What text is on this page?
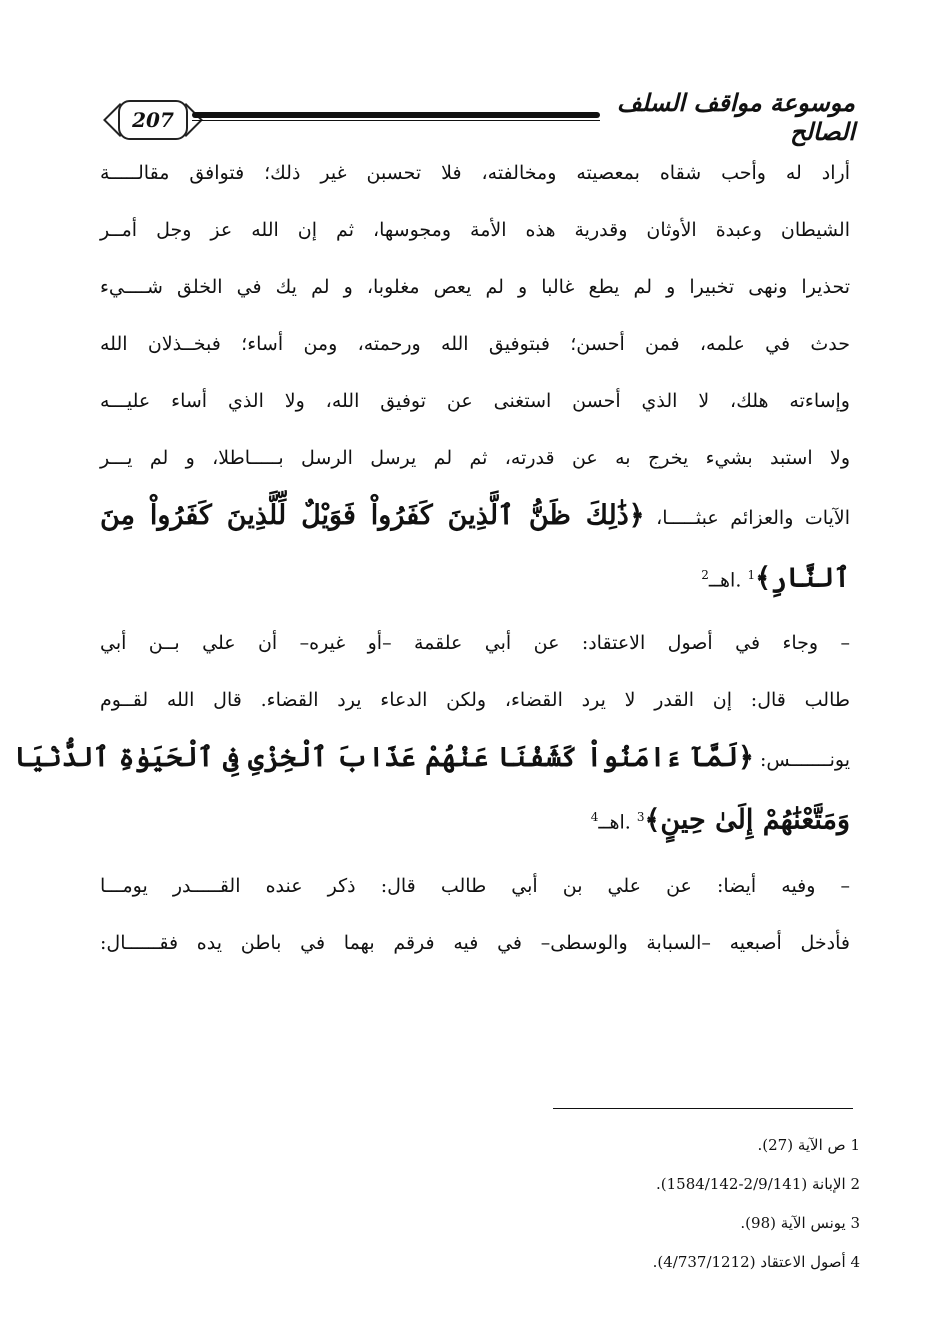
207
موسوعة مواقف السلف الصالح
أراد له وأحب شقاه بمعصيته ومخالفته، فلا تحسبن غير ذلك؛ فتوافق مقالـــــة
الشيطان وعبدة الأوثان وقدرية هذه الأمة ومجوسها، ثم إن الله عز وجل أمــر
تحذيرا ونهى تخبيرا و لم يطع غالبا و لم يعص مغلوبا، و لم يك في الخلق شــــيء
حدث في علمه، فمن أحسن؛ فبتوفيق الله ورحمته، ومن أساء؛ فبخــذلان الله
وإساءته هلك، لا الذي أحسن استغنى عن توفيق الله، ولا الذي أساء عليـــه
ولا استبد بشيء يخرج به عن قدرته، ثم لم يرسل الرسل بـــــاطلا، و لم يـــر
الآيات والعزائم عبثـــــا، ﴿ذَٰلِكَ ظَنُّ ٱلَّذِينَ كَفَرُواْ فَوَيْلٌ لِّلَّذِينَ كَفَرُواْ مِنَ
ٱلنَّارِ﴾$^1$ .اهــ$^2$
– وجاء في أصول الاعتقاد: عن أبي علقمة –أو غيره– أن علي بــن أبي
طالب قال: إن القدر لا يرد القضاء، ولكن الدعاء يرد القضاء. قال الله لقــوم
يونـــــــس: ﴿لَمَّآ ءَامَنُواْ كَشَفْنَا عَنْهُمْ عَذَابَ ٱلْخِزْىِ فِى ٱلْحَيَوٰةِ ٱلدُّنْيَا
وَمَتَّعْنَٰهُمْ إِلَىٰ حِينٍ﴾$^3$ .اهــ$^4$
– وفيه أيضا: عن علي بن أبي طالب قال: ذكر عنده القـــــدر يومـــا
فأدخل أصبعيه –السبابة والوسطى– في فيه فرقم بهما في باطن يده فقــــــال:
1 ص الآية (27).
2 الإبانة (2/9/141-1584/142).
3 يونس الآية (98).
4 أصول الاعتقاد (4/737/1212).
